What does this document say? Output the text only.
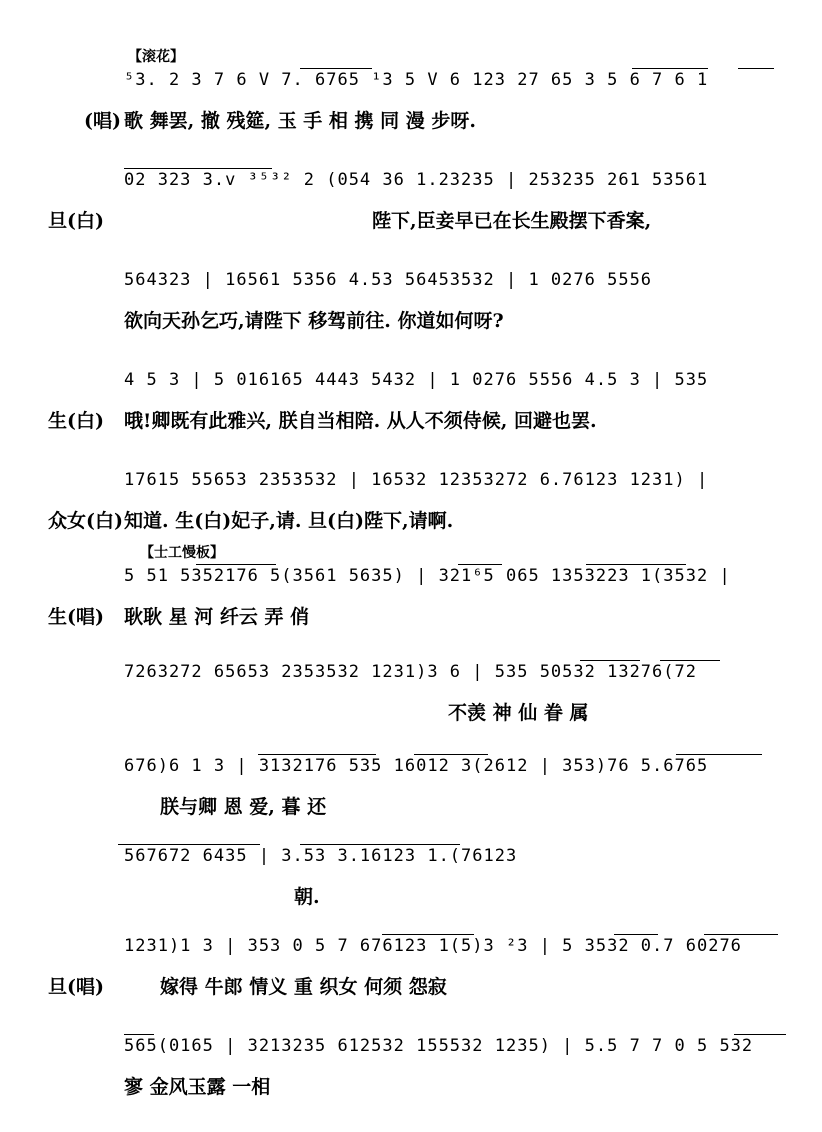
【滚花】
【士工慢板】
⁵3. 2 3 7 6 V 7. 6765 ¹3 5 V 6 123 27 65 3 5 6 7 6 1
(唱) 歌 舞罢, 撤 残筵, 玉 手 相 携 同 漫 步呀.
02 323 3.v ³⁵³² 2 (054 36 1.23235 | 253235 261 53561
旦(白)	陛下,臣妾早已在长生殿摆下香案,
564323 | 16561 5356 4.53 56453532 | 1 0276 5556
欲向天孙乞巧,请陛下 移驾前往. 你道如何呀?
4 5 3 | 5 016165 4443 5432 | 1 0276 5556 4.5 3 | 535
生(白) 哦!卿既有此雅兴, 朕自当相陪. 从人不须侍候, 回避也罢.
17615 55653 2353532 | 16532 12353272 6.76123 1231) |
众女(白) 知道. 生(白)妃子,请. 旦(白)陛下,请啊.
5 51 5352176 5(3561 5635) | 321⁶5 065 1353223 1(3532 |
生(唱) 耿耿 星 河 纤云 弄 俏
7263272 65653 2353532 1231)3 6 | 535 50532 13276(72
不羡 神 仙 眷 属
676)6 1 3 | 3132176 535 16012 3(2612 | 353)76 5.6765
朕与卿 恩 爱, 暮 还
567672 6435 | 3.53 3.16123 1.(76123
朝.
1231)1 3 | 353 0 5 7 676123 1(5)3 ²3 | 5 3532 0.7 60276
旦(唱)	嫁得 牛郎 情义 重 织女 何须 怨寂
565(0165 | 3213235 612532 155532 1235) | 5.5 7 7 0 5 532
寥 金风玉露 一相
